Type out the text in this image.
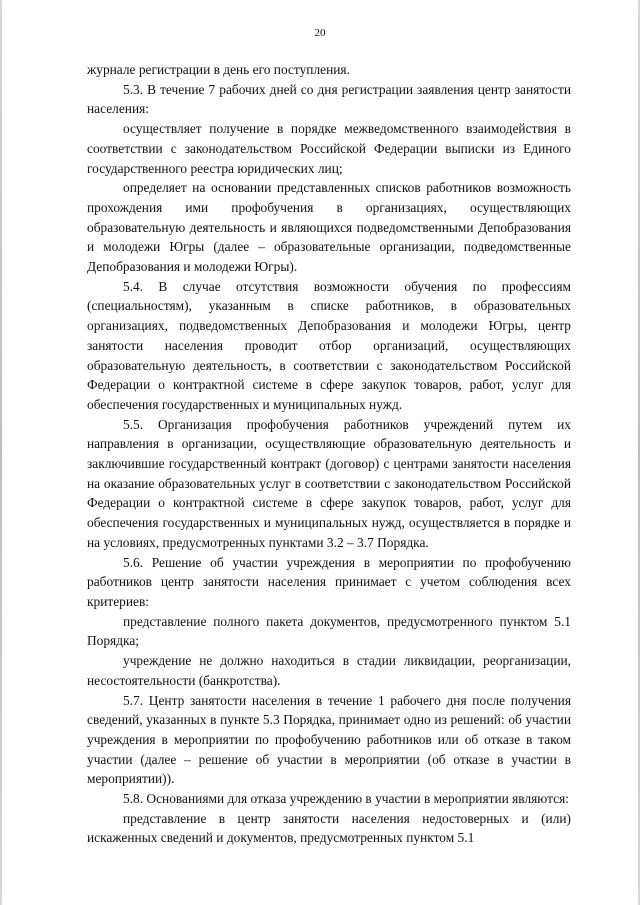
20

журнале регистрации в день его поступления.

5.3. В течение 7 рабочих дней со дня регистрации заявления центр занятости населения:

осуществляет получение в порядке межведомственного взаимодействия в соответствии с законодательством Российской Федерации выписки из Единого государственного реестра юридических лиц;

определяет на основании представленных списков работников возможность прохождения ими профобучения в организациях, осуществляющих образовательную деятельность и являющихся подведомственными Депобразования и молодежи Югры (далее – образовательные организации, подведомственные Депобразования и молодежи Югры).

5.4. В случае отсутствия возможности обучения по профессиям (специальностям), указанным в списке работников, в образовательных организациях, подведомственных Депобразования и молодежи Югры, центр занятости населения проводит отбор организаций, осуществляющих образовательную деятельность, в соответствии с законодательством Российской Федерации о контрактной системе в сфере закупок товаров, работ, услуг для обеспечения государственных и муниципальных нужд.

5.5. Организация профобучения работников учреждений путем их направления в организации, осуществляющие образовательную деятельность и заключившие государственный контракт (договор) с центрами занятости населения на оказание образовательных услуг в соответствии с законодательством Российской Федерации о контрактной системе в сфере закупок товаров, работ, услуг для обеспечения государственных и муниципальных нужд, осуществляется в порядке и на условиях, предусмотренных пунктами 3.2 – 3.7 Порядка.

5.6. Решение об участии учреждения в мероприятии по профобучению работников центр занятости населения принимает с учетом соблюдения всех критериев:

представление полного пакета документов, предусмотренного пунктом 5.1 Порядка;

учреждение не должно находиться в стадии ликвидации, реорганизации, несостоятельности (банкротства).

5.7. Центр занятости населения в течение 1 рабочего дня после получения сведений, указанных в пункте 5.3 Порядка, принимает одно из решений: об участии учреждения в мероприятии по профобучению работников или об отказе в таком участии (далее – решение об участии в мероприятии (об отказе в участии в мероприятии)).

5.8. Основаниями для отказа учреждению в участии в мероприятии являются:

представление в центр занятости населения недостоверных и (или) искаженных сведений и документов, предусмотренных пунктом 5.1
